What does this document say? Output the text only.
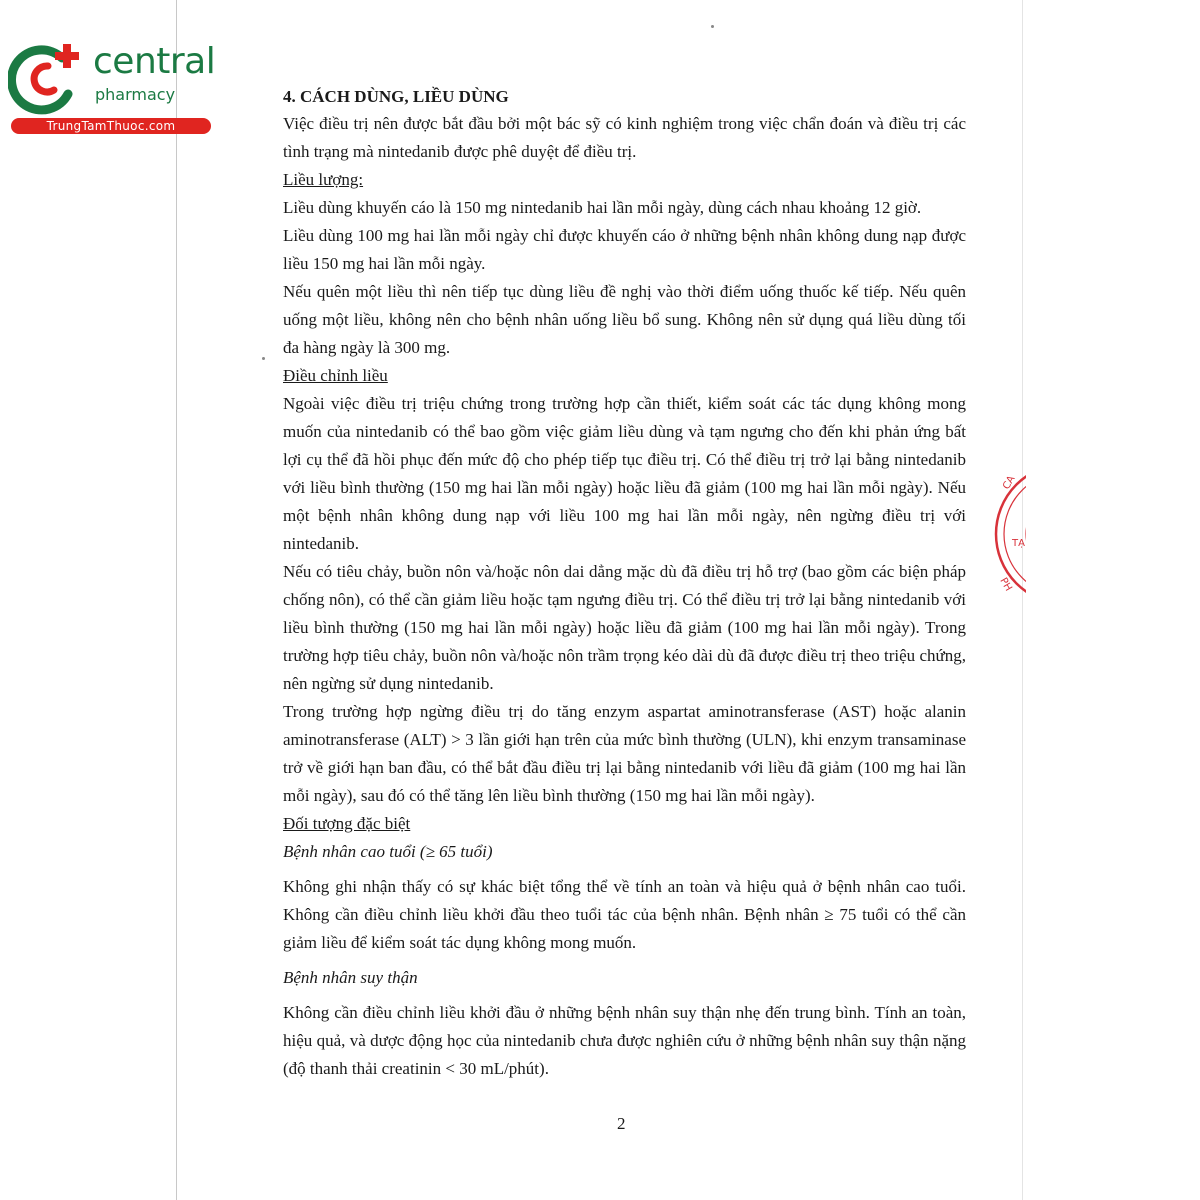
central
pharmacy
TrungTamThuoc.com
CA
TẠ
PH

4. CÁCH DÙNG, LIỀU DÙNG

Việc điều trị nên được bắt đầu bởi một bác sỹ có kinh nghiệm trong việc chẩn đoán và điều trị các tình trạng mà nintedanib được phê duyệt để điều trị.

Liều lượng:

Liều dùng khuyến cáo là 150 mg nintedanib hai lần mỗi ngày, dùng cách nhau khoảng 12 giờ.

Liều dùng 100 mg hai lần mỗi ngày chỉ được khuyến cáo ở những bệnh nhân không dung nạp được liều 150 mg hai lần mỗi ngày.

Nếu quên một liều thì nên tiếp tục dùng liều đề nghị vào thời điểm uống thuốc kế tiếp. Nếu quên uống một liều, không nên cho bệnh nhân uống liều bổ sung. Không nên sử dụng quá liều dùng tối đa hàng ngày là 300 mg.

Điều chỉnh liều

Ngoài việc điều trị triệu chứng trong trường hợp cần thiết, kiểm soát các tác dụng không mong muốn của nintedanib có thể bao gồm việc giảm liều dùng và tạm ngưng cho đến khi phản ứng bất lợi cụ thể đã hồi phục đến mức độ cho phép tiếp tục điều trị. Có thể điều trị trở lại bằng nintedanib với liều bình thường (150 mg hai lần mỗi ngày) hoặc liều đã giảm (100 mg hai lần mỗi ngày). Nếu một bệnh nhân không dung nạp với liều 100 mg hai lần mỗi ngày, nên ngừng điều trị với nintedanib.

Nếu có tiêu chảy, buồn nôn và/hoặc nôn dai dẳng mặc dù đã điều trị hỗ trợ (bao gồm các biện pháp chống nôn), có thể cần giảm liều hoặc tạm ngưng điều trị. Có thể điều trị trở lại bằng nintedanib với liều bình thường (150 mg hai lần mỗi ngày) hoặc liều đã giảm (100 mg hai lần mỗi ngày). Trong trường hợp tiêu chảy, buồn nôn và/hoặc nôn trầm trọng kéo dài dù đã được điều trị theo triệu chứng, nên ngừng sử dụng nintedanib.

Trong trường hợp ngừng điều trị do tăng enzym aspartat aminotransferase (AST) hoặc alanin aminotransferase (ALT) > 3 lần giới hạn trên của mức bình thường (ULN), khi enzym transaminase trở về giới hạn ban đầu, có thể bắt đầu điều trị lại bằng nintedanib với liều đã giảm (100 mg hai lần mỗi ngày), sau đó có thể tăng lên liều bình thường (150 mg hai lần mỗi ngày).

Đối tượng đặc biệt

Bệnh nhân cao tuổi (≥ 65 tuổi)

Không ghi nhận thấy có sự khác biệt tổng thể về tính an toàn và hiệu quả ở bệnh nhân cao tuổi. Không cần điều chỉnh liều khởi đầu theo tuổi tác của bệnh nhân. Bệnh nhân ≥ 75 tuổi có thể cần giảm liều để kiểm soát tác dụng không mong muốn.

Bệnh nhân suy thận

Không cần điều chỉnh liều khởi đầu ở những bệnh nhân suy thận nhẹ đến trung bình. Tính an toàn, hiệu quả, và dược động học của nintedanib chưa được nghiên cứu ở những bệnh nhân suy thận nặng (độ thanh thải creatinin < 30 mL/phút).

2
